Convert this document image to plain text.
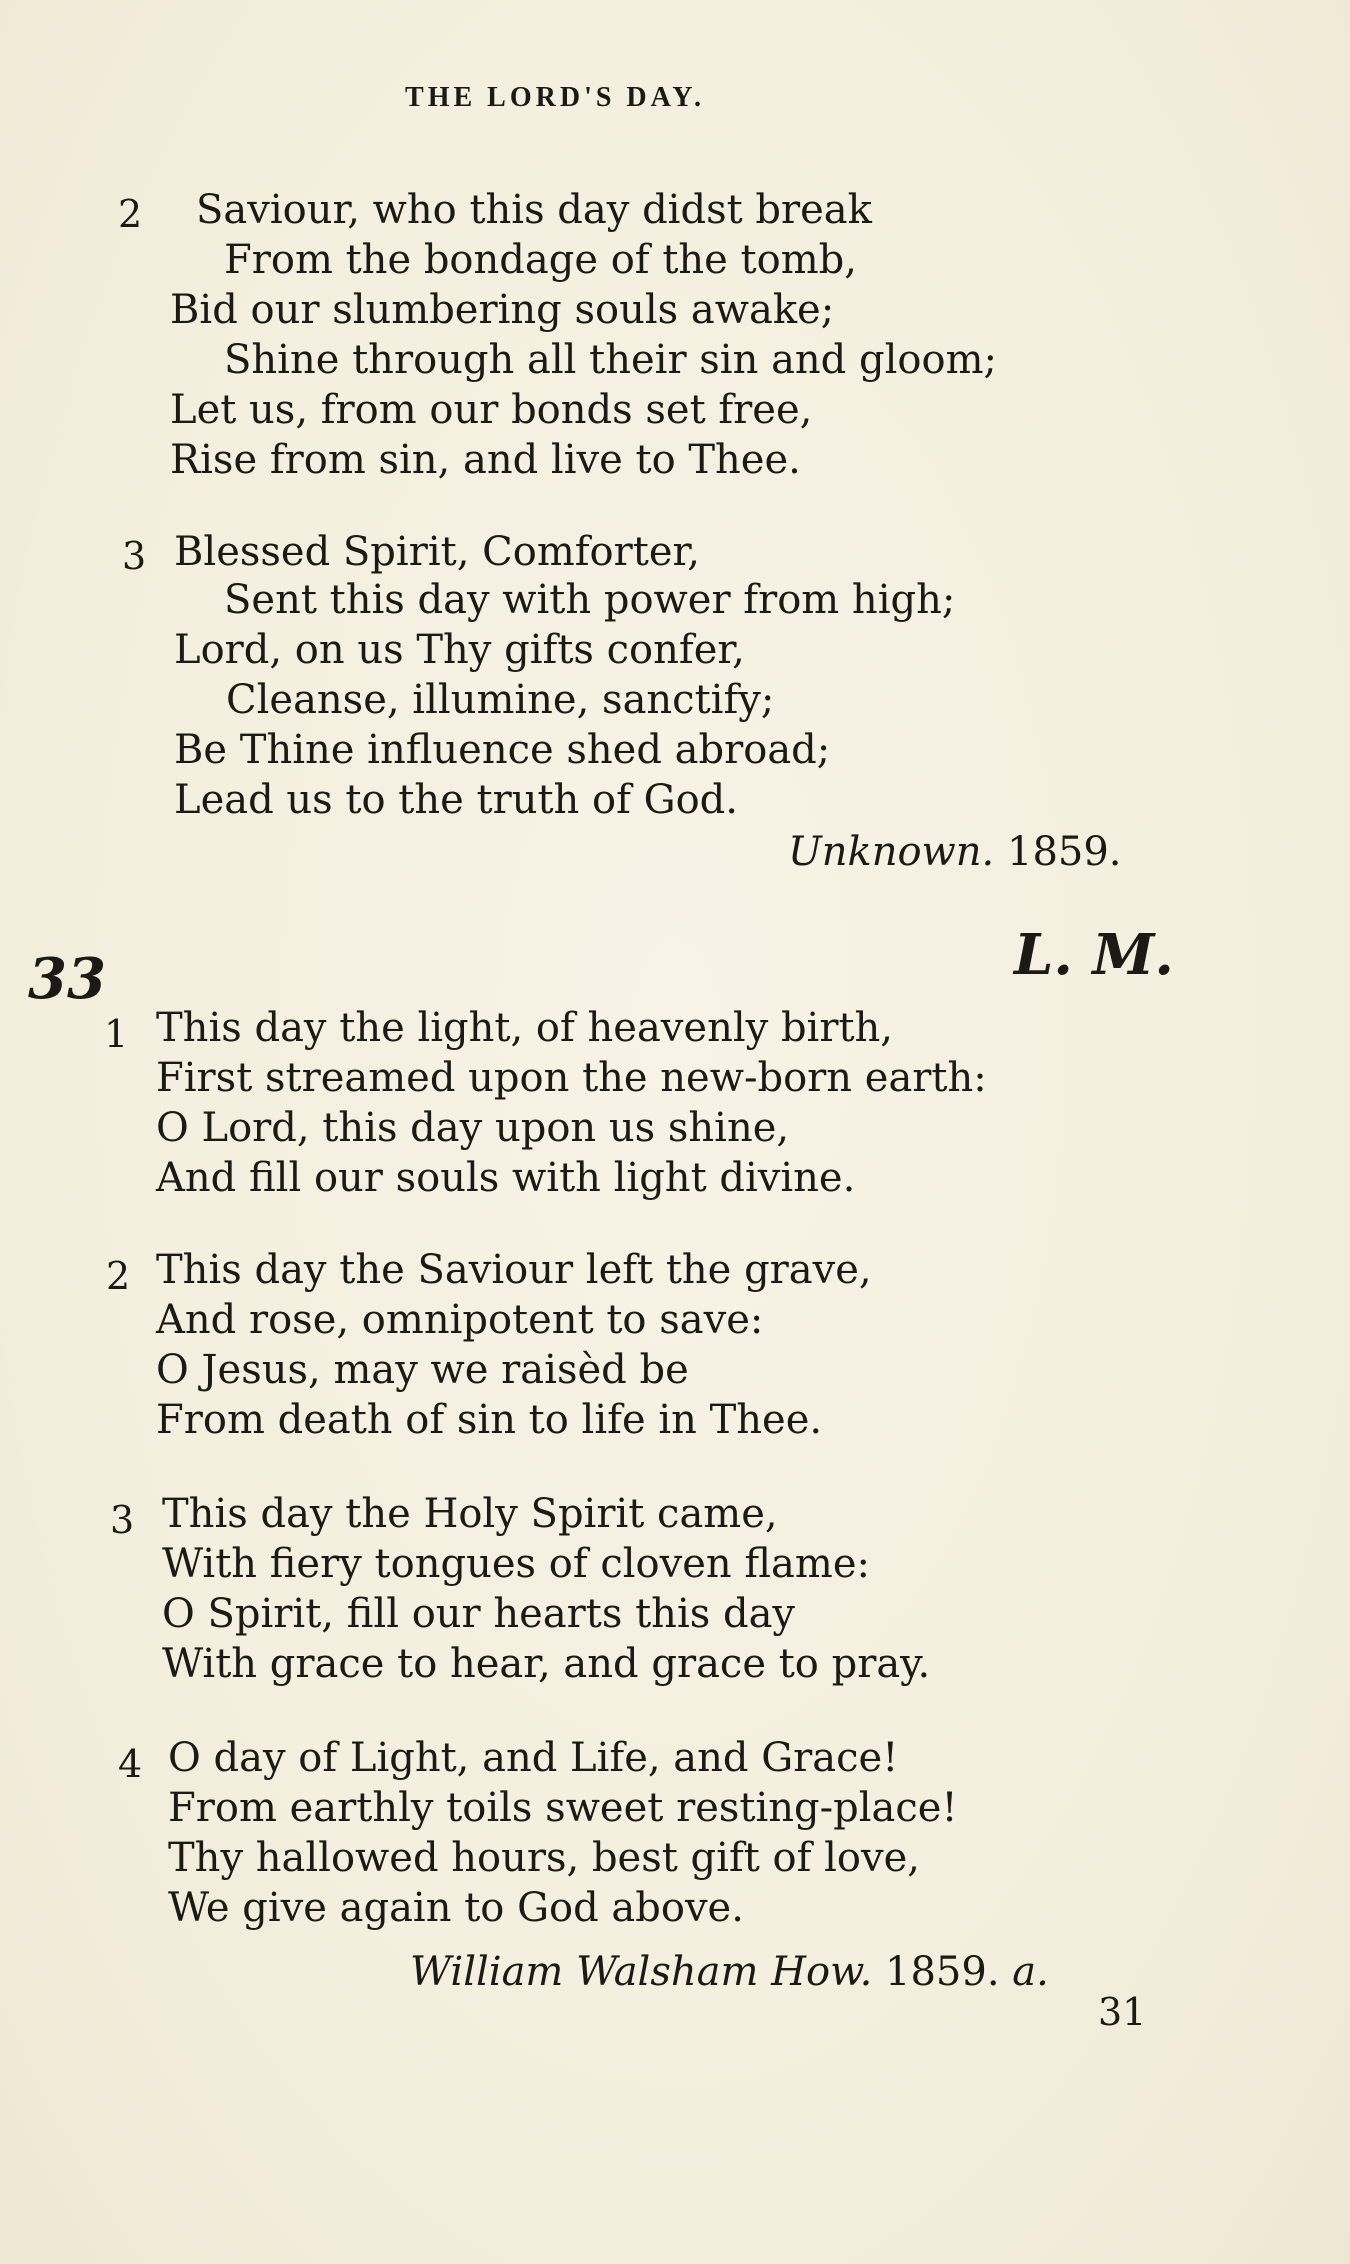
THE LORD'S DAY.
2 Saviour, who this day didst break
From the bondage of the tomb,
Bid our slumbering souls awake;
Shine through all their sin and gloom;
Let us, from our bonds set free,
Rise from sin, and live to Thee.
3 Blessed Spirit, Comforter,
Sent this day with power from high;
Lord, on us Thy gifts confer,
Cleanse, illumine, sanctify;
Be Thine influence shed abroad;
Lead us to the truth of God.
Unknown. 1859.
33	L. M.
1 This day the light, of heavenly birth,
First streamed upon the new-born earth:
O Lord, this day upon us shine,
And fill our souls with light divine.
2 This day the Saviour left the grave,
And rose, omnipotent to save:
O Jesus, may we raisèd be
From death of sin to life in Thee.
3 This day the Holy Spirit came,
With fiery tongues of cloven flame:
O Spirit, fill our hearts this day
With grace to hear, and grace to pray.
4 O day of Light, and Life, and Grace!
From earthly toils sweet resting-place!
Thy hallowed hours, best gift of love,
We give again to God above.
William Walsham How. 1859. a.
31
